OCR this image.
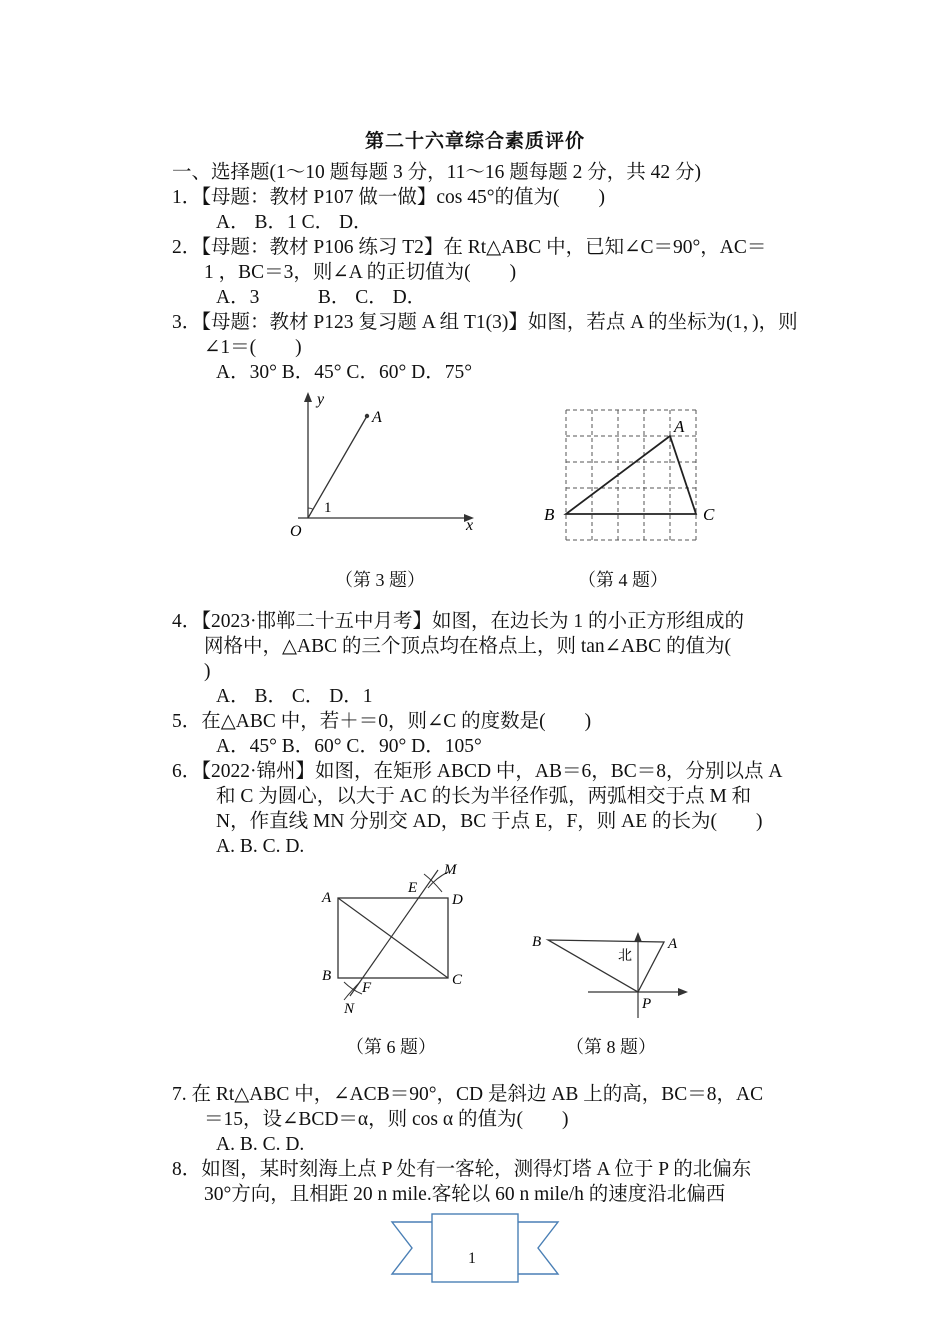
第二十六章综合素质评价
一、选择题(1～10 题每题 3 分，11～16 题每题 2 分，共 42 分)
1．【母题：教材 P107 做一做】cos 45°的值为(　　)
A． B．1 C． D．
2．【母题：教材 P106 练习 T2】在 Rt△ABC 中，已知∠C＝90°，AC＝
1 ，BC＝3，则∠A 的正切值为(　　)
A．3　　　B． C． D．
3．【母题：教材 P123 复习题 A 组 T1(3)】如图，若点 A 的坐标为(1，)，则
∠1＝(　　)
A．30° B．45° C．60° D．75°
y
x
O
A
1
（第 3 题）
A
B	C
（第 4 题）
4．【2023·邯郸二十五中月考】如图，在边长为 1 的小正方形组成的
网格中，△ABC 的三个顶点均在格点上，则 tan∠ABC 的值为(
)
A． B． C． D．1
5．在△ABC 中，若＋＝0，则∠C 的度数是(　　)
A．45° B．60° C．90° D．105°
6．【2022·锦州】如图，在矩形 ABCD 中，AB＝6，BC＝8，分别以点 A
和 C 为圆心，以大于 AC 的长为半径作弧，两弧相交于点 M 和
N，作直线 MN 分别交 AD，BC 于点 E，F，则 AE 的长为(　　)
A. B. C. D.
A
B	C
D
E
F
M
N
（第 6 题）
A
B
P
北
（第 8 题）
7. 在 Rt△ABC 中，∠ACB＝90°，CD 是斜边 AB 上的高，BC＝8，AC
＝15，设∠BCD＝α，则 cos α 的值为(　　)
A. B. C. D.
8．如图，某时刻海上点 P 处有一客轮，测得灯塔 A 位于 P 的北偏东
30°方向，且相距 20 n mile.客轮以 60 n mile/h 的速度沿北偏西
1
